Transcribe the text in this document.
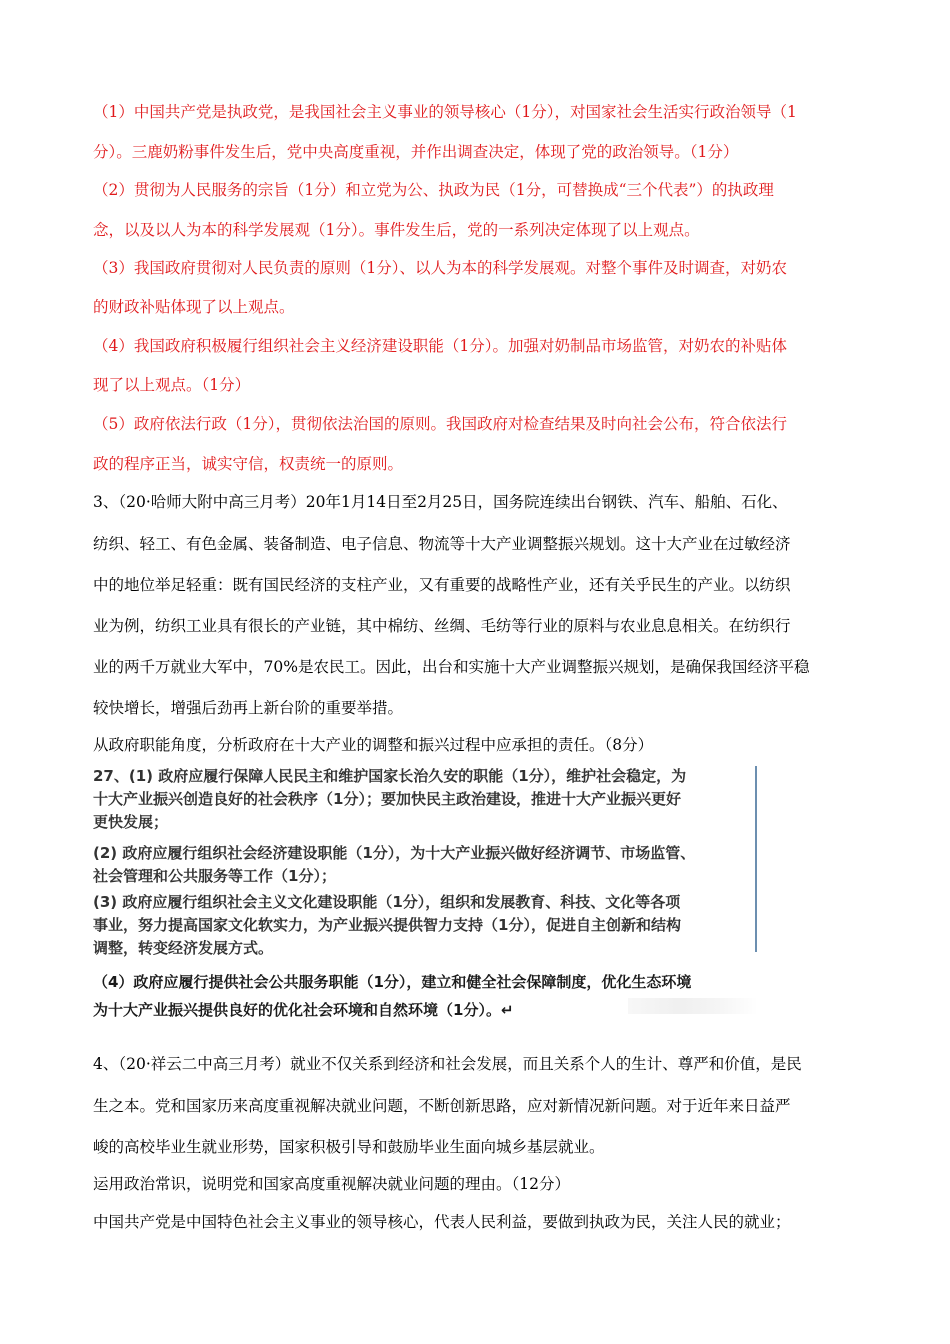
（1）中国共产党是执政党，是我国社会主义事业的领导核心（1分），对国家社会生活实行政治领导（1
分）。三鹿奶粉事件发生后，党中央高度重视，并作出调查决定，体现了党的政治领导。（1分）
（2）贯彻为人民服务的宗旨（1分）和立党为公、执政为民（1分，可替换成“三个代表”）的执政理
念，以及以人为本的科学发展观（1分）。事件发生后，党的一系列决定体现了以上观点。
（3）我国政府贯彻对人民负责的原则（1分）、以人为本的科学发展观。对整个事件及时调查，对奶农
的财政补贴体现了以上观点。
（4）我国政府积极履行组织社会主义经济建设职能（1分）。加强对奶制品市场监管，对奶农的补贴体
现了以上观点。（1分）
（5）政府依法行政（1分），贯彻依法治国的原则。我国政府对检查结果及时向社会公布，符合依法行
政的程序正当，诚实守信，权责统一的原则。
3、（20·哈师大附中高三月考）20年1月14日至2月25日，国务院连续出台钢铁、汽车、船舶、石化、
纺织、轻工、有色金属、装备制造、电子信息、物流等十大产业调整振兴规划。这十大产业在过敏经济
中的地位举足轻重：既有国民经济的支柱产业，又有重要的战略性产业，还有关乎民生的产业。以纺织
业为例，纺织工业具有很长的产业链，其中棉纺、丝绸、毛纺等行业的原料与农业息息相关。在纺织行
业的两千万就业大军中，70%是农民工。因此，出台和实施十大产业调整振兴规划，是确保我国经济平稳
较快增长，增强后劲再上新台阶的重要举措。
从政府职能角度，分析政府在十大产业的调整和振兴过程中应承担的责任。（8分）
27、(1) 政府应履行保障人民民主和维护国家长治久安的职能（1分），维护社会稳定，为
十大产业振兴创造良好的社会秩序（1分）；要加快民主政治建设，推进十大产业振兴更好
更快发展；
(2) 政府应履行组织社会经济建设职能（1分），为十大产业振兴做好经济调节、市场监管、
社会管理和公共服务等工作（1分）；
(3) 政府应履行组织社会主义文化建设职能（1分），组织和发展教育、科技、文化等各项
事业，努力提高国家文化软实力，为产业振兴提供智力支持（1分），促进自主创新和结构
调整，转变经济发展方式。
（4）政府应履行提供社会公共服务职能（1分），建立和健全社会保障制度，优化生态环境
为十大产业振兴提供良好的优化社会环境和自然环境（1分）。↵
4、（20·祥云二中高三月考）就业不仅关系到经济和社会发展，而且关系个人的生计、尊严和价值，是民
生之本。党和国家历来高度重视解决就业问题，不断创新思路，应对新情况新问题。对于近年来日益严
峻的高校毕业生就业形势，国家积极引导和鼓励毕业生面向城乡基层就业。
运用政治常识，说明党和国家高度重视解决就业问题的理由。（12分）
中国共产党是中国特色社会主义事业的领导核心，代表人民利益，要做到执政为民，关注人民的就业；
